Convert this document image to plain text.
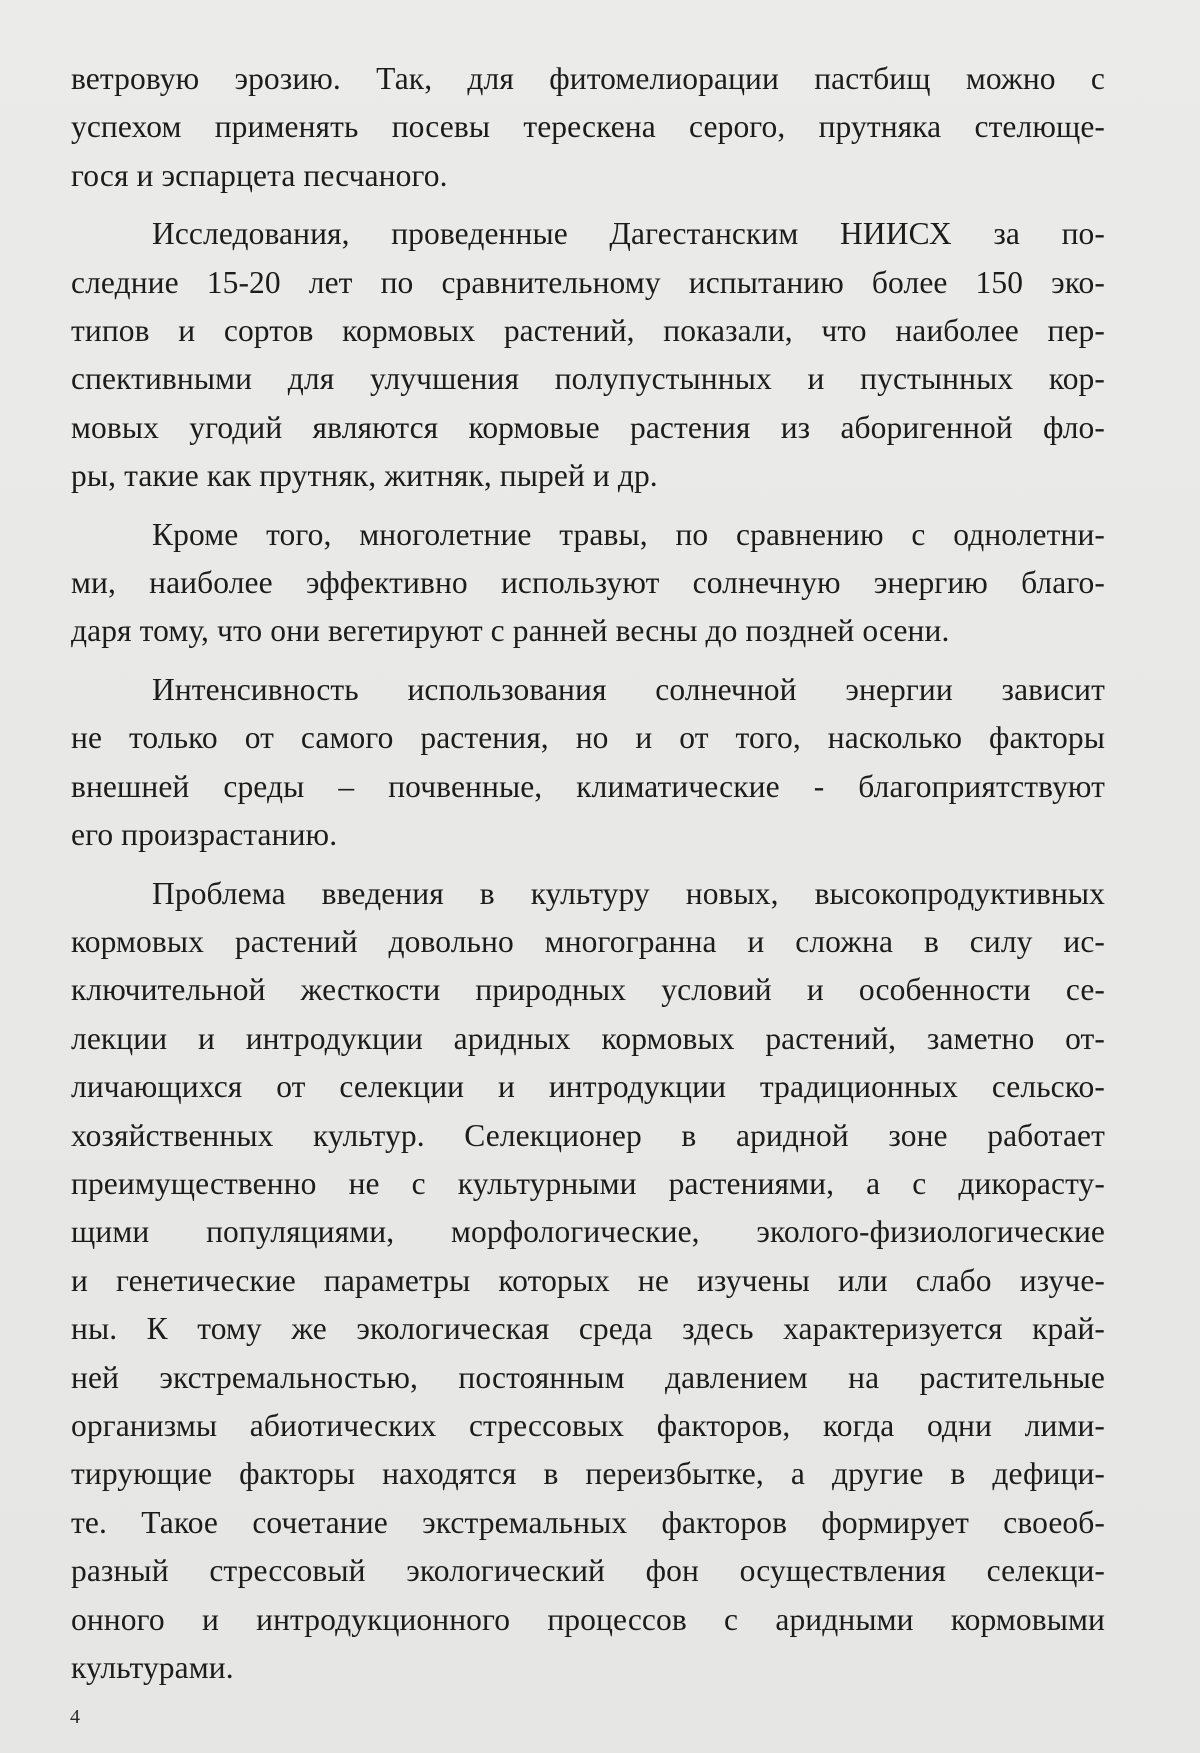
ветровую эрозию. Так, для фитомелиорации пастбищ можно с
успехом применять посевы терескена серого, прутняка стелюще-
гося и эспарцета песчаного.

Исследования, проведенные Дагестанским НИИСХ за по-
следние 15-20 лет по сравнительному испытанию более 150 эко-
типов и сортов кормовых растений, показали, что наиболее пер-
спективными для улучшения полупустынных и пустынных кор-
мовых угодий являются кормовые растения из аборигенной фло-
ры, такие как прутняк, житняк, пырей и др.

Кроме того, многолетние травы, по сравнению с однолетни-
ми, наиболее эффективно используют солнечную энергию благо-
даря тому, что они вегетируют с ранней весны до поздней осени.

Интенсивность использования солнечной энергии зависит
не только от самого растения, но и от того, насколько факторы
внешней среды – почвенные, климатические - благоприятствуют
его произрастанию.

Проблема введения в культуру новых, высокопродуктивных
кормовых растений довольно многогранна и сложна в силу ис-
ключительной жесткости природных условий и особенности се-
лекции и интродукции аридных кормовых растений, заметно от-
личающихся от селекции и интродукции традиционных сельско-
хозяйственных культур. Селекционер в аридной зоне работает
преимущественно не с культурными растениями, а с дикорасту-
щими популяциями, морфологические, эколого-физиологические
и генетические параметры которых не изучены или слабо изуче-
ны. К тому же экологическая среда здесь характеризуется край-
ней экстремальностью, постоянным давлением на растительные
организмы абиотических стрессовых факторов, когда одни лими-
тирующие факторы находятся в переизбытке, а другие в дефици-
те. Такое сочетание экстремальных факторов формирует своеоб-
разный стрессовый экологический фон осуществления селекци-
онного и интродукционного процессов с аридными кормовыми
культурами.

4
